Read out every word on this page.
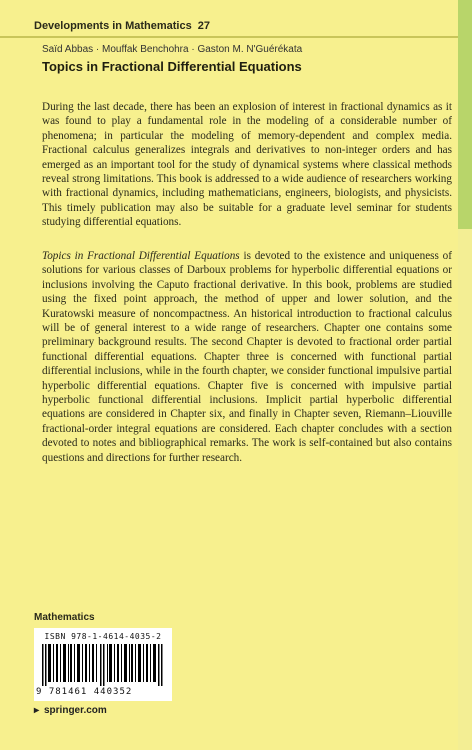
Developments in Mathematics 27
Saïd Abbas · Mouffak Benchohra · Gaston M. N'Guérékata
Topics in Fractional Differential Equations

During the last decade, there has been an explosion of interest in fractional dynamics as it was found to play a fundamental role in the modeling of a considerable number of phenomena; in particular the modeling of memory-dependent and complex media. Fractional calculus generalizes integrals and derivatives to non-integer orders and has emerged as an important tool for the study of dynamical systems where classical methods reveal strong limitations. This book is addressed to a wide audience of researchers working with fractional dynamics, including mathematicians, engineers, biologists, and physicists. This timely publication may also be suitable for a graduate level seminar for students studying differential equations.

Topics in Fractional Differential Equations is devoted to the existence and uniqueness of solutions for various classes of Darboux problems for hyperbolic differential equations or inclusions involving the Caputo fractional derivative. In this book, problems are studied using the fixed point approach, the method of upper and lower solution, and the Kuratowski measure of noncompactness. An historical introduction to fractional calculus will be of general interest to a wide range of researchers. Chapter one contains some preliminary background results. The second Chapter is devoted to fractional order partial functional differential equations. Chapter three is concerned with functional partial differential inclusions, while in the fourth chapter, we consider functional impulsive partial hyperbolic differential equations. Chapter five is concerned with impulsive partial hyperbolic functional differential inclusions. Implicit partial hyperbolic differential equations are considered in Chapter six, and finally in Chapter seven, Riemann–Liouville fractional-order integral equations are considered. Each chapter concludes with a section devoted to notes and bibliographical remarks. The work is self-contained but also contains questions and directions for further research.

Mathematics
ISBN 978-1-4614-4035-2
9 781461 440352
▸ springer.com
